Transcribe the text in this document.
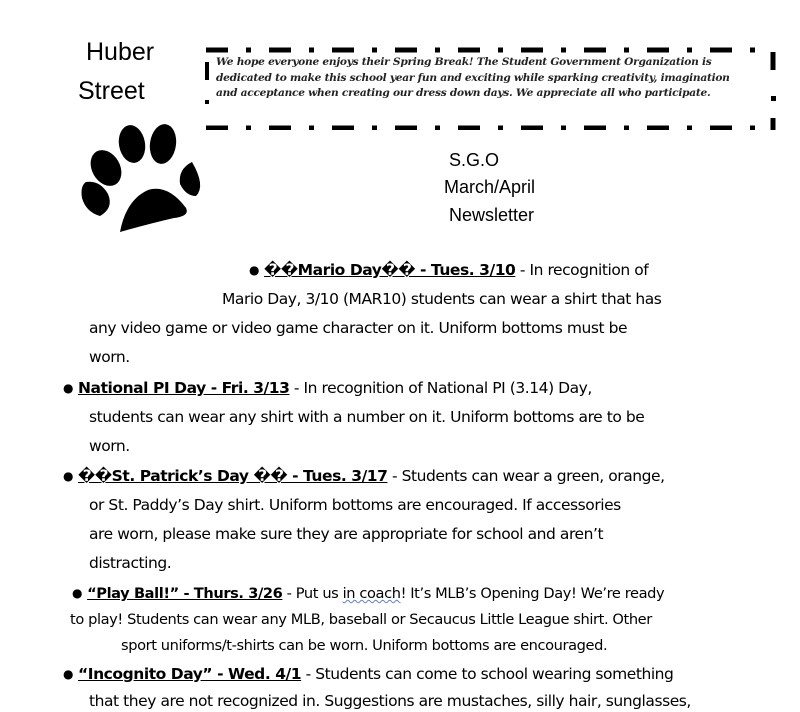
Huber
Street
We hope everyone enjoys their Spring Break! The Student Government Organization is
dedicated to make this school year fun and exciting while sparking creativity, imagination
and acceptance when creating our dress down days. We appreciate all who participate.
S.G.O
March/April
Newsletter
● ��Mario Day�� - Tues. 3/10 - In recognition of
Mario Day, 3/10 (MAR10) students can wear a shirt that has
any video game or video game character on it. Uniform bottoms must be
worn.
● National PI Day - Fri. 3/13 - In recognition of National PI (3.14) Day,
students can wear any shirt with a number on it. Uniform bottoms are to be
worn.
● ��St. Patrick’s Day �� - Tues. 3/17 - Students can wear a green, orange,
or St. Paddy’s Day shirt. Uniform bottoms are encouraged. If accessories
are worn, please make sure they are appropriate for school and aren’t
distracting.
● “Play Ball!” - Thurs. 3/26 - Put us in coach! It’s MLB’s Opening Day! We’re ready
to play! Students can wear any MLB, baseball or Secaucus Little League shirt. Other
sport uniforms/t-shirts can be worn. Uniform bottoms are encouraged.
● “Incognito Day” - Wed. 4/1 - Students can come to school wearing something
that they are not recognized in. Suggestions are mustaches, silly hair, sunglasses,
